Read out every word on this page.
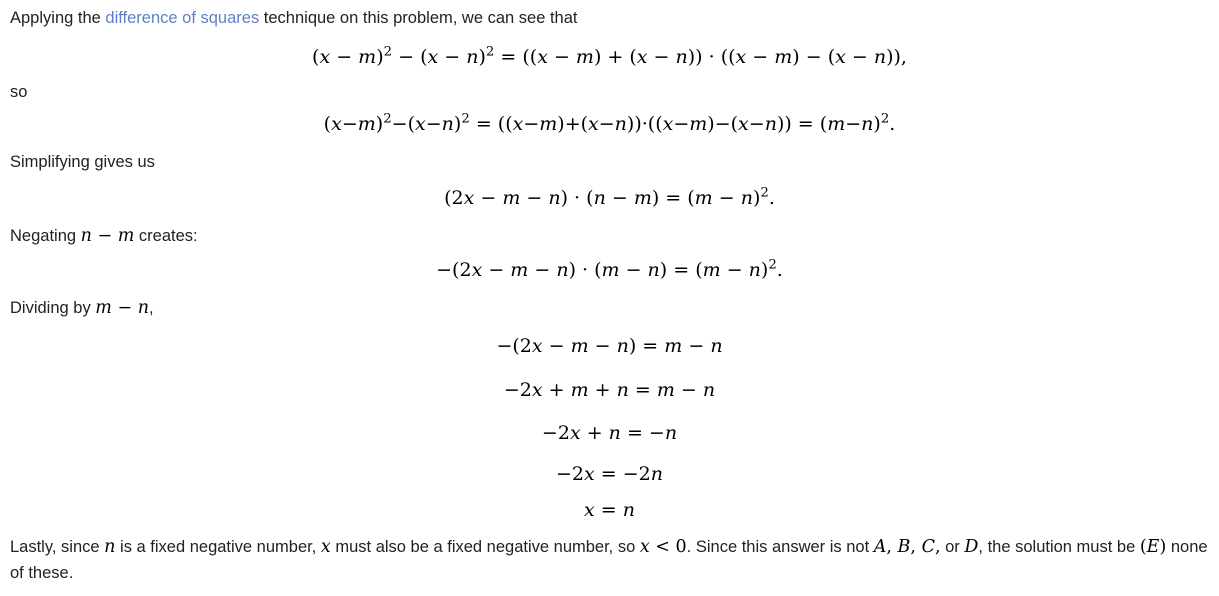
Applying the difference of squares technique on this problem, we can see that

$(x - m)^2 - (x - n)^2 = ((x - m) + (x - n)) \cdot ((x - m) - (x - n))$,

so

$(x-m)^2-(x-n)^2 = ((x-m)+(x-n))\cdot((x-m)-(x-n)) = (m-n)^2$.

Simplifying gives us

$(2x - m - n) \cdot (n - m) = (m - n)^2$.

Negating n − m creates:

$-(2x - m - n) \cdot (m - n) = (m - n)^2$.

Dividing by m − n,

−(2x − m − n) = m − n
−2x + m + n = m − n
−2x + n = −n
−2x = −2n
x = n

Lastly, since n is a fixed negative number, x must also be a fixed negative number, so x < 0. Since this answer is not A, B, C, or D, the solution must be (E) none of these.
